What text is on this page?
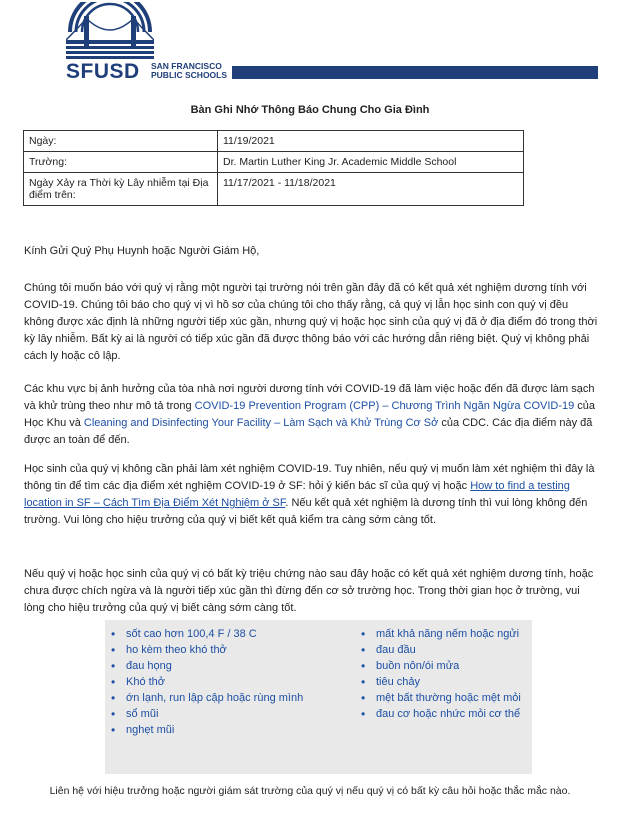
SFUSD SAN FRANCISCO
PUBLIC SCHOOLS
Bàn Ghi Nhớ Thông Báo Chung Cho Gia Đình
Ngày:	11/19/2021
Trường:	Dr. Martin Luther King Jr. Academic Middle School
Ngày Xảy ra Thời kỳ Lây nhiễm tại Địa điểm trên:	11/17/2021 - 11/18/2021

Kính Gửi Quý Phụ Huynh hoặc Người Giám Hộ,

Chúng tôi muốn báo với quý vị rằng một người tại trường nói trên gần đây đã có kết quả xét nghiệm dương tính với COVID-19. Chúng tôi báo cho quý vị vì hồ sơ của chúng tôi cho thấy rằng, cả quý vị lẫn học sinh con quý vị đều không được xác định là những người tiếp xúc gần, nhưng quý vị hoặc học sinh của quý vị đã ở địa điểm đó trong thời kỳ lây nhiễm. Bất kỳ ai là người có tiếp xúc gần đã được thông báo với các hướng dẫn riêng biệt. Quý vị không phải cách ly hoặc cô lập.

Các khu vực bị ảnh hưởng của tòa nhà nơi người dương tính với COVID-19 đã làm việc hoặc đến đã được làm sạch và khử trùng theo như mô tả trong COVID-19 Prevention Program (CPP) – Chương Trình Ngăn Ngừa COVID-19 của Học Khu và Cleaning and Disinfecting Your Facility – Làm Sạch và Khử Trùng Cơ Sở của CDC. Các địa điểm này đã được an toàn để đến.

Học sinh của quý vị không cần phải làm xét nghiệm COVID-19. Tuy nhiên, nếu quý vị muốn làm xét nghiệm thì đây là thông tin để tìm các địa điểm xét nghiệm COVID-19 ở SF: hỏi ý kiến bác sĩ của quý vị hoặc How to find a testing location in SF – Cách Tìm Địa Điểm Xét Nghiệm ở SF. Nếu kết quả xét nghiệm là dương tính thì vui lòng không đến trường. Vui lòng cho hiệu trưởng của quý vị biết kết quả kiểm tra càng sớm càng tốt.

Nếu quý vị hoặc học sinh của quý vị có bất kỳ triệu chứng nào sau đây hoặc có kết quả xét nghiệm dương tính, hoặc chưa được chích ngừa và là người tiếp xúc gần thì đừng đến cơ sở trường học. Trong thời gian học ở trường, vui lòng cho hiệu trưởng của quý vị biết càng sớm càng tốt.

• sốt cao hơn 100,4 F / 38 C
• ho kèm theo khó thở
• đau họng
• Khó thở
• ớn lạnh, run lập cập hoặc rùng mình
• sổ mũi
• nghẹt mũi
• mất khả năng nếm hoặc ngửi
• đau đầu
• buồn nôn/ói mửa
• tiêu chảy
• mệt bất thường hoặc mệt mỏi
• đau cơ hoặc nhức mỏi cơ thể
Liên hệ với hiệu trưởng hoặc người giám sát trường của quý vị nếu quý vị có bất kỳ câu hỏi hoặc thắc mắc nào.
